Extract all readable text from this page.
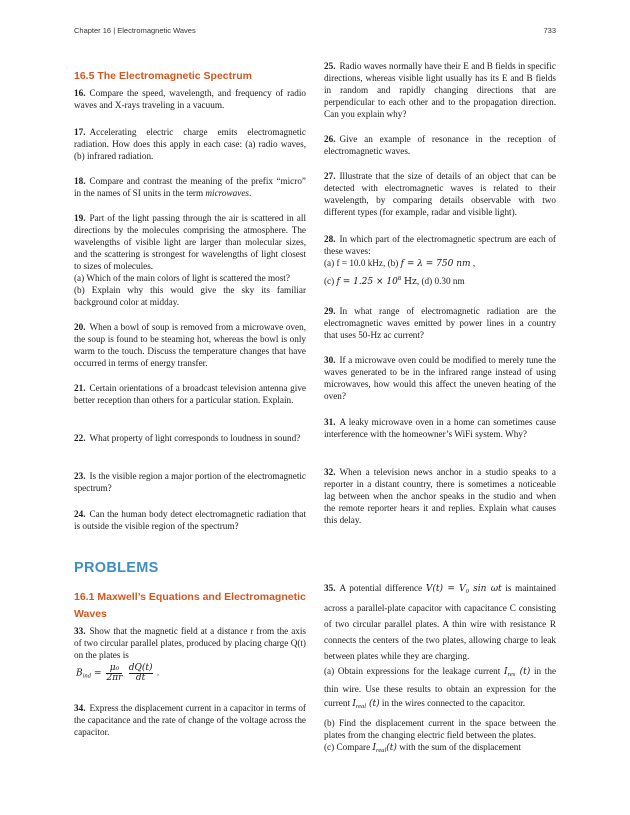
Chapter 16 | Electromagnetic Waves	733
16.5 The Electromagnetic Spectrum

16. Compare the speed, wavelength, and frequency of radio waves and X-rays traveling in a vacuum.

17. Accelerating electric charge emits electromagnetic radiation. How does this apply in each case: (a) radio waves, (b) infrared radiation.

18. Compare and contrast the meaning of the prefix “micro” in the names of SI units in the term microwaves.

19. Part of the light passing through the air is scattered in all directions by the molecules comprising the atmosphere. The wavelengths of visible light are larger than molecular sizes, and the scattering is strongest for wavelengths of light closest to sizes of molecules.

(a) Which of the main colors of light is scattered the most?

(b) Explain why this would give the sky its familiar background color at midday.

20. When a bowl of soup is removed from a microwave oven, the soup is found to be steaming hot, whereas the bowl is only warm to the touch. Discuss the temperature changes that have occurred in terms of energy transfer.

21. Certain orientations of a broadcast television antenna give better reception than others for a particular station. Explain.

22. What property of light corresponds to loudness in sound?

23. Is the visible region a major portion of the electromagnetic spectrum?

24. Can the human body detect electromagnetic radiation that is outside the visible region of the spectrum?

PROBLEMS
16.1 Maxwell’s Equations and Electromagnetic Waves

33. Show that the magnetic field at a distance r from the axis of two circular parallel plates, produced by placing charge Q(t) on the plates is

$B_{ind} = \frac{\text{μ₀}}{2\pi r}$
$\frac{dQ(t)}{dt}$ .

34. Express the displacement current in a capacitor in terms of the capacitance and the rate of change of the voltage across the capacitor.

25. Radio waves normally have their E and B fields in specific directions, whereas visible light usually has its E and B fields in random and rapidly changing directions that are perpendicular to each other and to the propagation direction. Can you explain why?

26. Give an example of resonance in the reception of electromagnetic waves.

27. Illustrate that the size of details of an object that can be detected with electromagnetic waves is related to their wavelength, by comparing details observable with two different types (for example, radar and visible light).

28. In which part of the electromagnetic spectrum are each of these waves:

(a) f = 10.0 kHz, (b) f = λ = 750 nm ,

(c) $f = 1.25 \times 10^8$ Hz, (d) 0.30 nm

29. In what range of electromagnetic radiation are the electromagnetic waves emitted by power lines in a country that uses 50-Hz ac current?

30. If a microwave oven could be modified to merely tune the waves generated to be in the infrared range instead of using microwaves, how would this affect the uneven heating of the oven?

31. A leaky microwave oven in a home can sometimes cause interference with the homeowner’s WiFi system. Why?

32. When a television news anchor in a studio speaks to a reporter in a distant country, there is sometimes a noticeable lag between when the anchor speaks in the studio and when the remote reporter hears it and replies. Explain what causes this delay.

35. A potential difference $V(t) = V_0$ sin ωt is maintained across a parallel-plate capacitor with capacitance C consisting of two circular parallel plates. A thin wire with resistance R connects the centers of the two plates, allowing charge to leak between plates while they are charging.

(a) Obtain expressions for the leakage current $I_{res}$ (t) in the thin wire. Use these results to obtain an expression for the current $I_{real}$ (t) in the wires connected to the capacitor.

(b) Find the displacement current in the space between the plates from the changing electric field between the plates.

(c) Compare $I_{real}(t)$ with the sum of the displacement
